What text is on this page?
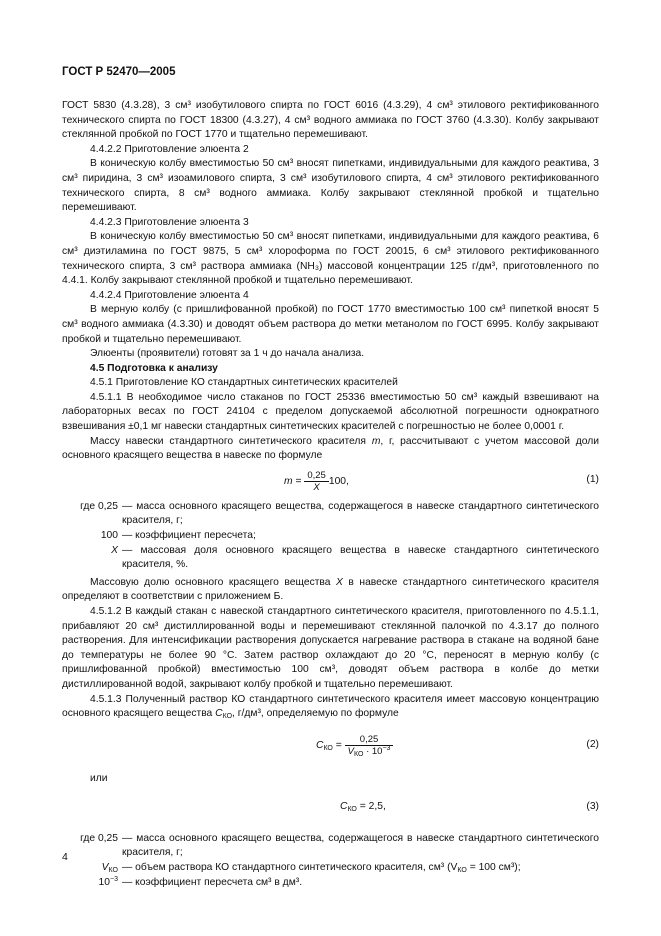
ГОСТ Р 52470—2005

ГОСТ 5830 (4.3.28), 3 см³ изобутилового спирта по ГОСТ 6016 (4.3.29), 4 см³ этилового ректификованного технического спирта по ГОСТ 18300 (4.3.27), 4 см³ водного аммиака по ГОСТ 3760 (4.3.30). Колбу закрывают стеклянной пробкой по ГОСТ 1770 и тщательно перемешивают.

4.4.2.2 Приготовление элюента 2

В коническую колбу вместимостью 50 см³ вносят пипетками, индивидуальными для каждого реактива, 3 см³ пиридина, 3 см³ изоамилового спирта, 3 см³ изобутилового спирта, 4 см³ этилового ректификованного технического спирта, 8 см³ водного аммиака. Колбу закрывают стеклянной пробкой и тщательно перемешивают.

4.4.2.3 Приготовление элюента 3

В коническую колбу вместимостью 50 см³ вносят пипетками, индивидуальными для каждого реактива, 6 см³ диэтиламина по ГОСТ 9875, 5 см³ хлороформа по ГОСТ 20015, 6 см³ этилового ректификованного технического спирта, 3 см³ раствора аммиака (NH₃) массовой концентрации 125 г/дм³, приготовленного по 4.4.1. Колбу закрывают стеклянной пробкой и тщательно перемешивают.

4.4.2.4 Приготовление элюента 4

В мерную колбу (с пришлифованной пробкой) по ГОСТ 1770 вместимостью 100 см³ пипеткой вносят 5 см³ водного аммиака (4.3.30) и доводят объем раствора до метки метанолом по ГОСТ 6995. Колбу закрывают пробкой и тщательно перемешивают.

Элюенты (проявители) готовят за 1 ч до начала анализа.

4.5 Подготовка к анализу

4.5.1 Приготовление КО стандартных синтетических красителей

4.5.1.1 В необходимое число стаканов по ГОСТ 25336 вместимостью 50 см³ каждый взвешивают на лабораторных весах по ГОСТ 24104 с пределом допускаемой абсолютной погрешности однократного взвешивания ±0,1 мг навески стандартных синтетических красителей с погрешностью не более 0,0001 г.

Массу навески стандартного синтетического красителя m, г, рассчитывают с учетом массовой доли основного красящего вещества в навеске по формуле

$m = \frac{0,25}{X} 100$,	(1)
где 0,25 — масса основного красящего вещества, содержащегося в навеске стандартного синтетического красителя, г;
100 — коэффициент пересчета;
X — массовая доля основного красящего вещества в навеске стандартного синтетического красителя, %.

Массовую долю основного красящего вещества X в навеске стандартного синтетического красителя определяют в соответствии с приложением Б.

4.5.1.2 В каждый стакан с навеской стандартного синтетического красителя, приготовленного по 4.5.1.1, прибавляют 20 см³ дистиллированной воды и перемешивают стеклянной палочкой по 4.3.17 до полного растворения. Для интенсификации растворения допускается нагревание раствора в стакане на водяной бане до температуры не более 90 °С. Затем раствор охлаждают до 20 °С, переносят в мерную колбу (с пришлифованной пробкой) вместимостью 100 см³, доводят объем раствора в колбе до метки дистиллированной водой, закрывают колбу пробкой и тщательно перемешивают.

4.5.1.3 Полученный раствор КО стандартного синтетического красителя имеет массовую концентрацию основного красящего вещества $C_{КО}$, г/дм³, определяемую по формуле

$C_{КО} = \frac{0,25}{V_{КО} \cdot 10^{-3}}$	(2)

или

$C_{КО} = 2,5$,	(3)
где 0,25 — масса основного красящего вещества, содержащегося в навеске стандартного синтетического красителя, г;
$V_{КО}$ — объем раствора КО стандартного синтетического красителя, см³ ($V_{КО} = 100$ см³);
$10^{-3}$ — коэффициент пересчета см³ в дм³.
4
